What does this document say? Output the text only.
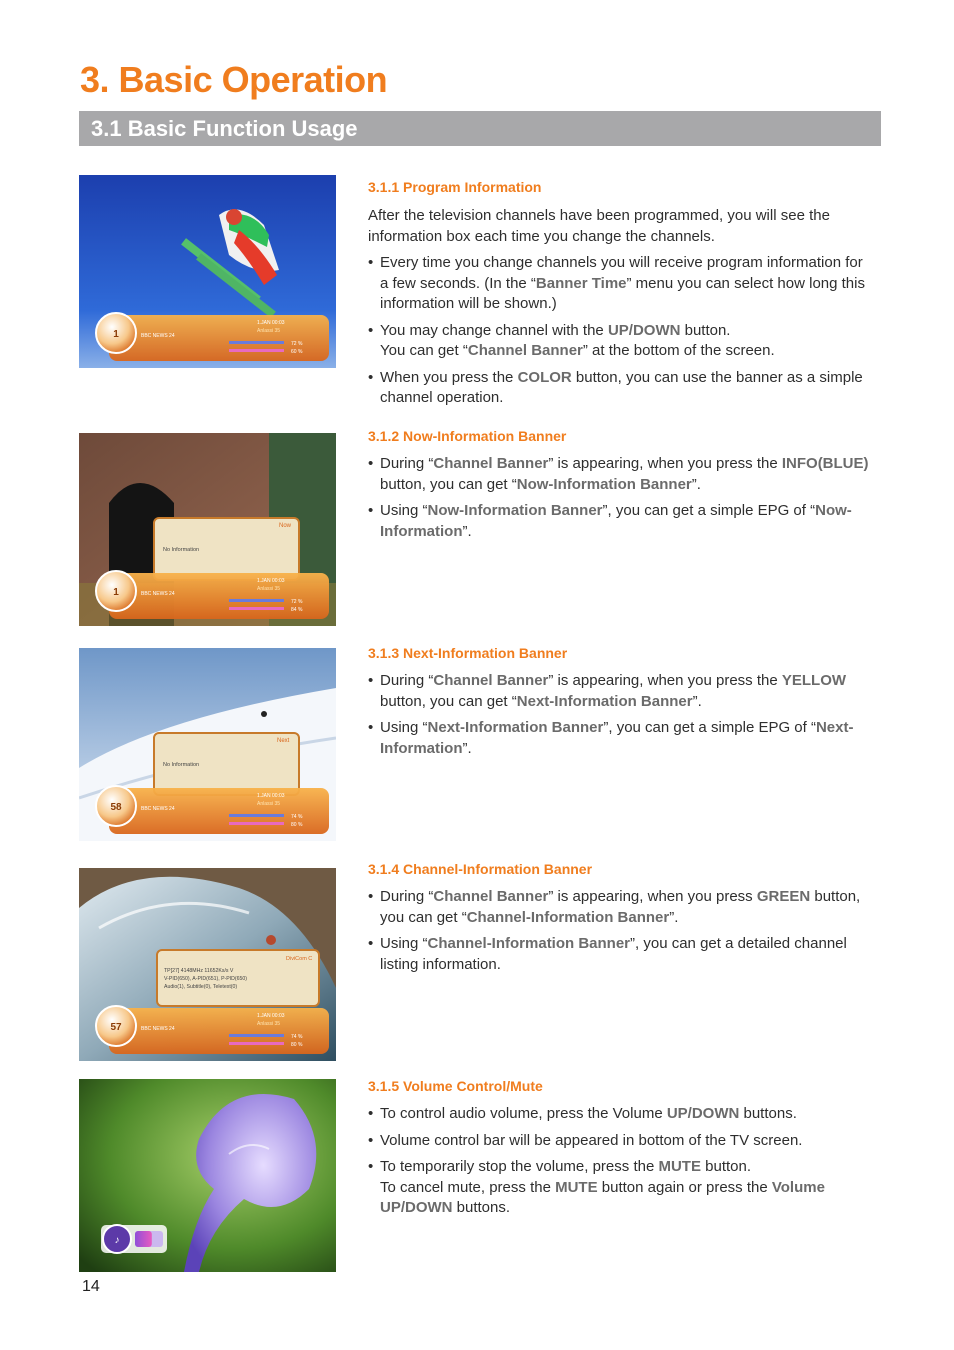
3. Basic Operation
3.1 Basic Function Usage
1	BBC NEWS 24
1.JAN 00:03
Anlassi 35
72 %
60 %
Now
No Information
1	BBC NEWS 24
1.JAN 00:03
Anlassi 35
72 %
84 %
Next
No Information
58	BBC NEWS 24
1.JAN 00:03
Anlassi 35
74 %
80 %
DiviCom C
TP[27] 4148MHz 11652Ks/s V
V-PID(650), A-PID(651), P-PID(650)
Audio(1), Subtitle(0), Teletext(0)
57	BBC NEWS 24
1.JAN 00:03
Anlassi 35
74 %
80 %
♪
3.1.1 Program Information

After the television channels have been programmed, you will see the information box each time you change the channels.

• Every time you change channels you will receive program information for a few seconds. (In the “Banner Time” menu you can select how long this information will be shown.)
• You may change channel with the UP/DOWN button.
You can get “Channel Banner” at the bottom of the screen.
• When you press the COLOR button, you can use the banner as a simple channel operation.
3.1.2 Now-Information Banner
• During “Channel Banner” is appearing, when you press the INFO(BLUE) button, you can get “Now-Information Banner”.
• Using “Now-Information Banner”, you can get a simple EPG of “Now-Information”.
3.1.3 Next-Information Banner
• During “Channel Banner” is appearing, when you press the YELLOW button, you can get “Next-Information Banner”.
• Using “Next-Information Banner”, you can get a simple EPG of “Next-Information”.
3.1.4 Channel-Information Banner
• During “Channel Banner” is appearing, when you press GREEN button, you can get “Channel-Information Banner”.
• Using “Channel-Information Banner”, you can get a detailed channel listing information.
3.1.5 Volume Control/Mute
• To control audio volume, press the Volume UP/DOWN buttons.
• Volume control bar will be appeared in bottom of the TV screen.
• To temporarily stop the volume, press the MUTE button.
To cancel mute, press the MUTE button again or press the Volume UP/DOWN buttons.
14
